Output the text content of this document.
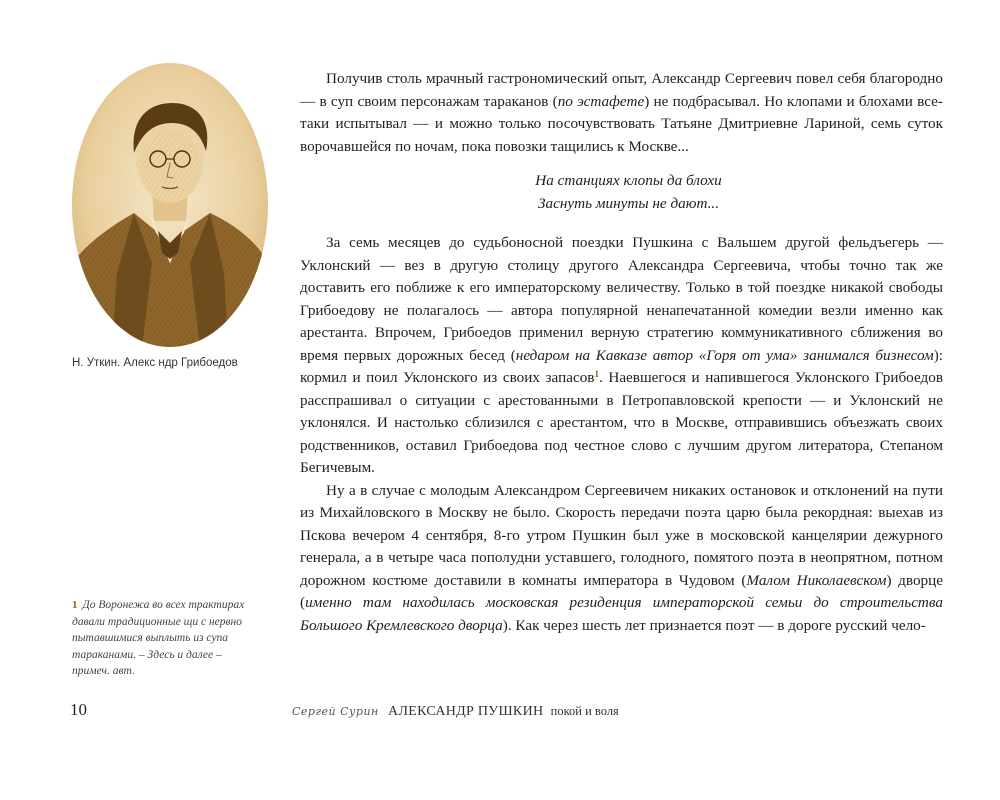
Н. Уткин. Алекс ндр Грибоедов

Получив столь мрачный гастрономический опыт, Александр Сергеевич повел себя благородно — в суп своим персонажам тараканов (по эстафете) не подбрасывал. Но клопами и блохами все-таки испытывал — и можно только посочувствовать Татьяне Дмитриевне Лариной, семь суток ворочавшейся по ночам, пока повозки тащились к Москве...

На станциях клопы да блохи
Заснуть минуты не дают...

За семь месяцев до судьбоносной поездки Пушкина с Вальшем другой фельдъегерь — Уклонский — вез в другую столицу другого Александра Сергеевича, чтобы точно так же доставить его поближе к его императорскому величеству. Только в той поездке никакой свободы Грибоедову не полагалось — автора популярной ненапечатанной комедии везли именно как арестанта. Впрочем, Грибоедов применил верную стратегию коммуникативного сближения во время первых дорожных бесед (недаром на Кавказе автор «Горя от ума» занимался бизнесом): кормил и поил Уклонского из своих запасов$^1$. Наевшегося и напившегося Уклонского Грибоедов расспрашивал о ситуации с арестованными в Петропавловской крепости — и Уклонский не уклонялся. И настолько сблизился с арестантом, что в Москве, отправившись объезжать своих родственников, оставил Грибоедова под честное слово с лучшим другом литератора, Степаном Бегичевым.

Ну а в случае с молодым Александром Сергеевичем никаких остановок и отклонений на пути из Михайловского в Москву не было. Скорость передачи поэта царю была рекордная: выехав из Пскова вечером 4 сентября, 8-го утром Пушкин был уже в московской канцелярии дежурного генерала, а в четыре часа пополудни уставшего, голодного, помятого поэта в неопрятном, потном дорожном костюме доставили в комнаты императора в Чудовом (Малом Николаевском) дворце (именно там находилась московская резиденция императорской семьи до строительства Большого Кремлевского дворца). Как через шесть лет признается поэт — в дороге русский чело-

1 До Воронежа во всех трактирах давали традиционные щи с нервно пытавшимися выплыть из супа тараканами. – Здесь и далее – примеч. авт.
10	Сергей Сурин АЛЕКСАНДР ПУШКИН покой и воля
